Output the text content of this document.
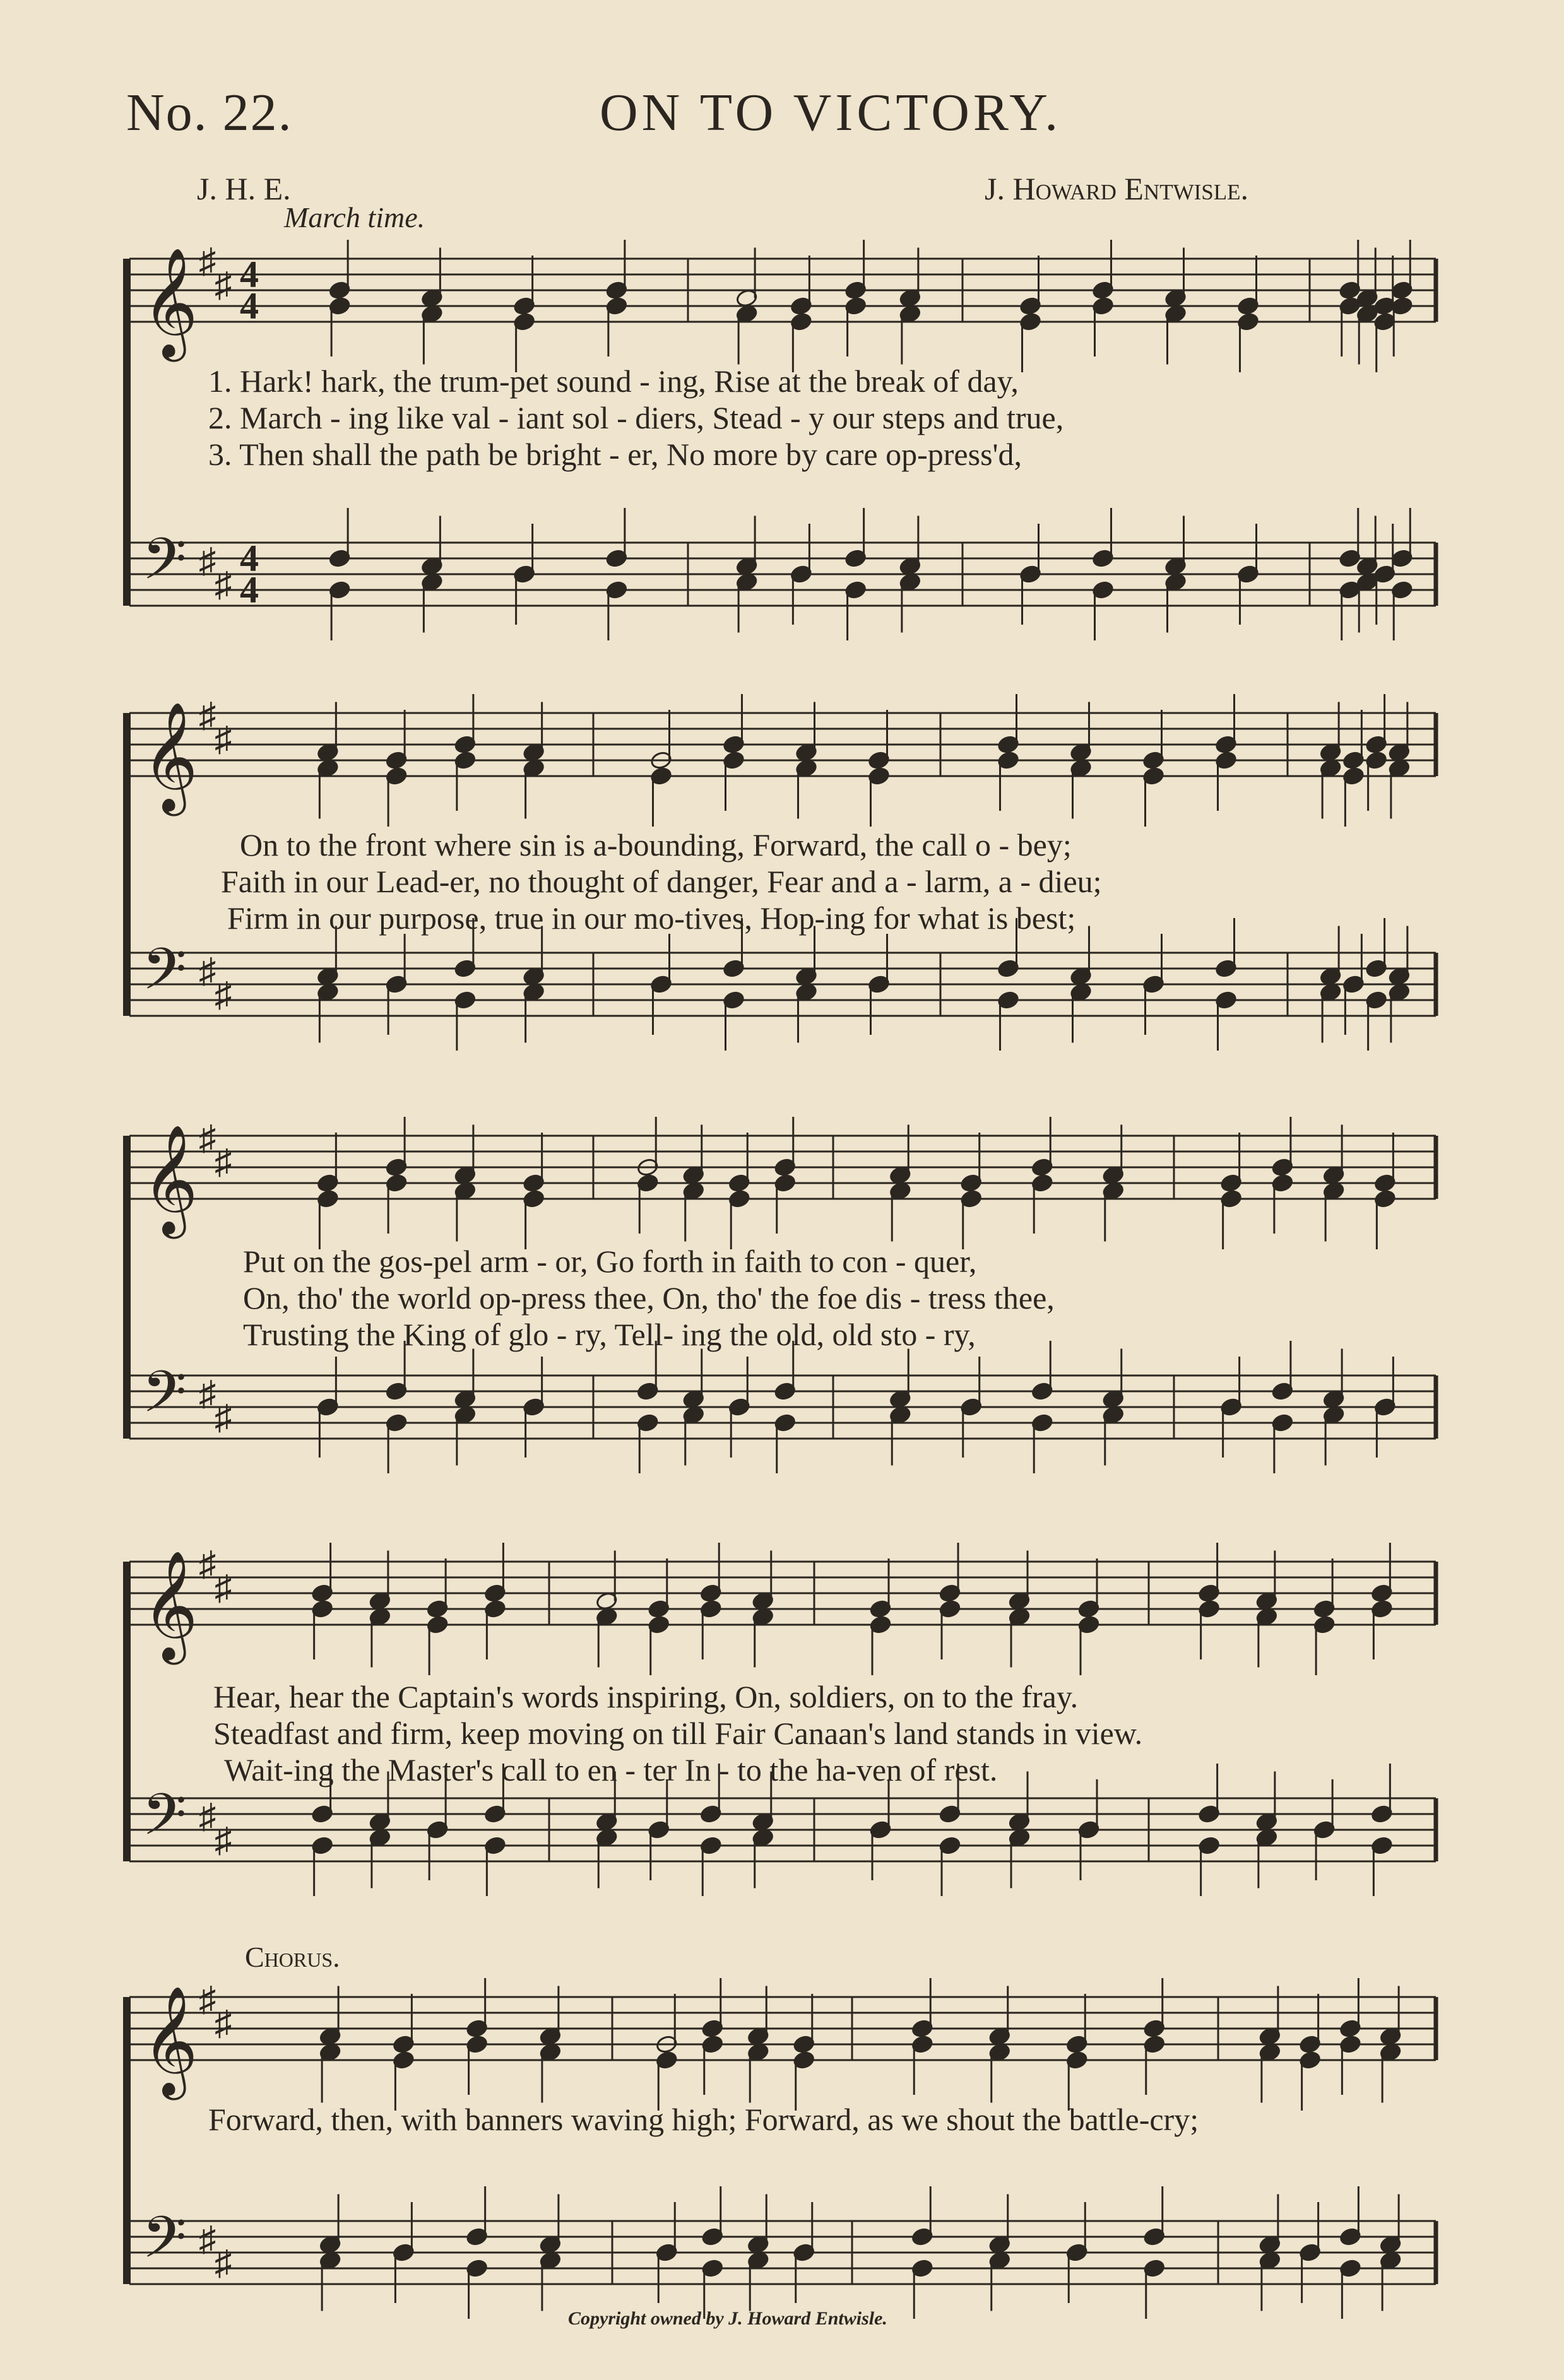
𝄞
𝄢
♯
♯
♯
♯
4
4
4
4
𝄞
𝄢
♯
♯
♯
♯
𝄞
𝄢
♯
♯
♯
♯
𝄞
𝄢
♯
♯
♯
♯
𝄞
𝄢
♯
♯
♯
♯
No. 22.	ON TO VICTORY.
J. H. E.	J. Howard Entwisle.
March time.
1. Hark! hark, the trum-pet sound - ing, Rise at the break of day,
2. March - ing like val - iant sol - diers, Stead - y our steps and true,
3. Then shall the path be bright - er, No more by care op-press'd,
On to the front where sin is a-bounding, Forward, the call o - bey;
Faith in our Lead-er, no thought of danger, Fear and a - larm, a - dieu;
Firm in our purpose, true in our mo-tives, Hop-ing for what is best;
Put on the gos-pel arm - or, Go forth in faith to con - quer,
On, tho' the world op-press thee, On, tho' the foe dis - tress thee,
Trusting the King of glo - ry, Tell- ing the old, old sto - ry,
Hear, hear the Captain's words inspiring, On, soldiers, on to the fray.
Steadfast and firm, keep moving on till Fair Canaan's land stands in view.
Wait-ing the Master's call to en - ter In - to the ha-ven of rest.
Chorus.
Forward, then, with banners waving high; Forward, as we shout the battle-cry;
Copyright owned by J. Howard Entwisle.
